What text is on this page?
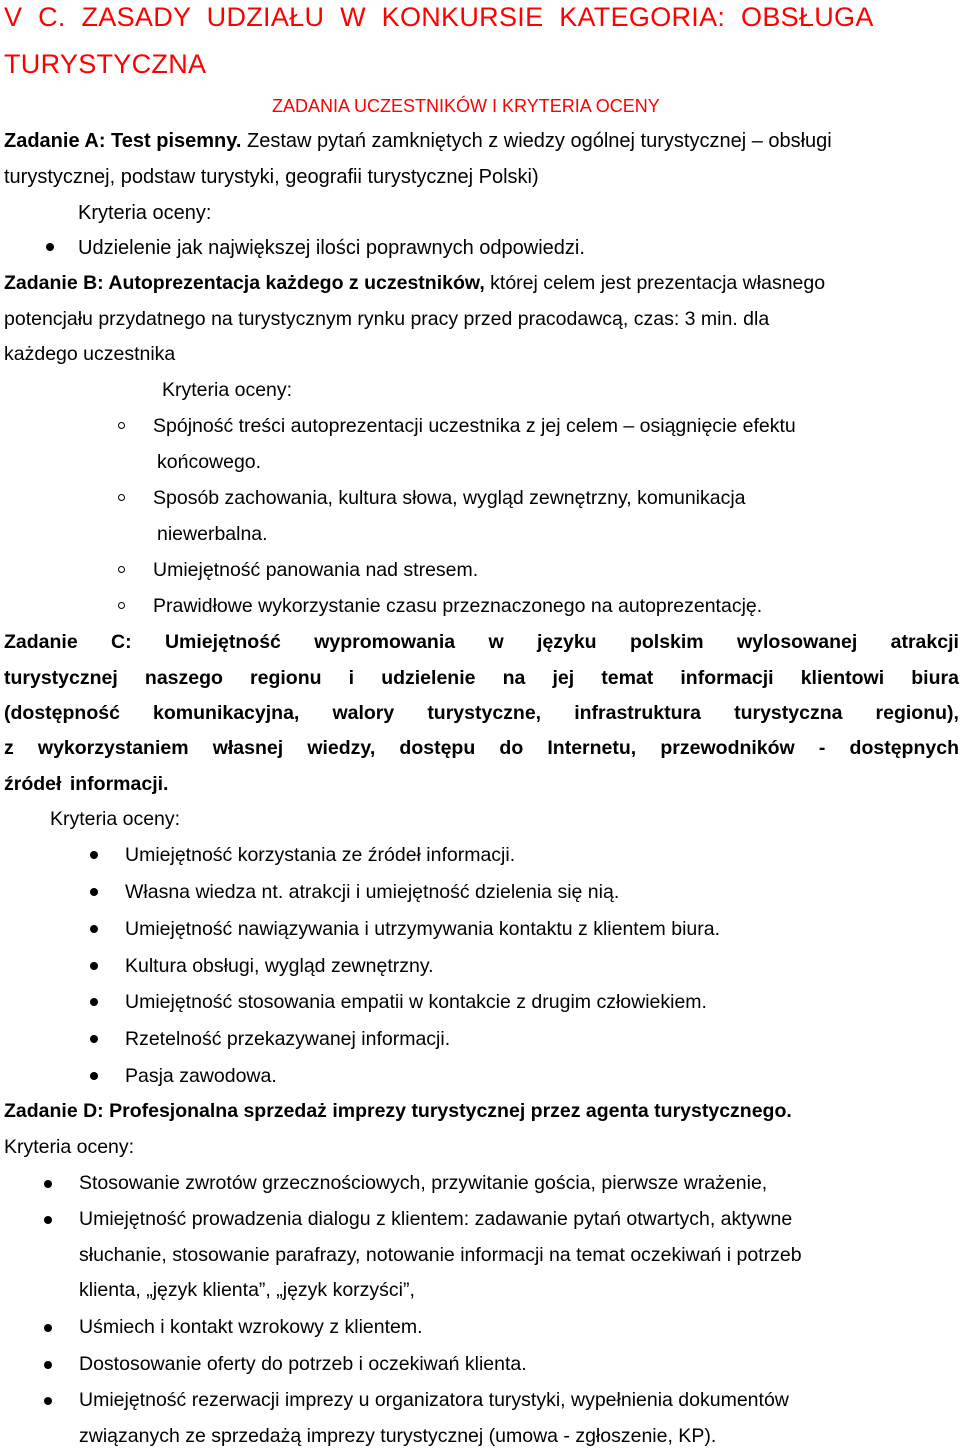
V C. ZASADY UDZIAŁU W KONKURSIE KATEGORIA: OBSŁUGA
TURYSTYCZNA
ZADANIA UCZESTNIKÓW I KRYTERIA OCENY
Zadanie A: Test pisemny. Zestaw pytań zamkniętych z wiedzy ogólnej turystycznej – obsługi
turystycznej, podstaw turystyki, geografii turystycznej Polski)
Kryteria oceny:
Udzielenie jak największej ilości poprawnych odpowiedzi.
Zadanie B: Autoprezentacja każdego z uczestników, której celem jest prezentacja własnego
potencjału przydatnego na turystycznym rynku pracy przed pracodawcą, czas: 3 min. dla
każdego uczestnika
Kryteria oceny:
Spójność treści autoprezentacji uczestnika z jej celem – osiągnięcie efektu
końcowego.
Sposób zachowania, kultura słowa, wygląd zewnętrzny, komunikacja
niewerbalna.
Umiejętność panowania nad stresem.
Prawidłowe wykorzystanie czasu przeznaczonego na autoprezentację.
Zadanie C: Umiejętność wypromowania w języku polskim wylosowanej atrakcji
turystycznej naszego regionu i udzielenie na jej temat informacji klientowi biura
(dostępność komunikacyjna, walory turystyczne, infrastruktura turystyczna regionu),
z wykorzystaniem własnej wiedzy, dostępu do Internetu, przewodników - dostępnych
źródeł informacji.
Kryteria oceny:
Umiejętność korzystania ze źródeł informacji.
Własna wiedza nt. atrakcji i umiejętność dzielenia się nią.
Umiejętność nawiązywania i utrzymywania kontaktu z klientem biura.
Kultura obsługi, wygląd zewnętrzny.
Umiejętność stosowania empatii w kontakcie z drugim człowiekiem.
Rzetelność przekazywanej informacji.
Pasja zawodowa.
Zadanie D: Profesjonalna sprzedaż imprezy turystycznej przez agenta turystycznego.
Kryteria oceny:
Stosowanie zwrotów grzecznościowych, przywitanie gościa, pierwsze wrażenie,
Umiejętność prowadzenia dialogu z klientem: zadawanie pytań otwartych, aktywne
słuchanie, stosowanie parafrazy, notowanie informacji na temat oczekiwań i potrzeb
klienta, „język klienta”, „język korzyści”,
Uśmiech i kontakt wzrokowy z klientem.
Dostosowanie oferty do potrzeb i oczekiwań klienta.
Umiejętność rezerwacji imprezy u organizatora turystyki, wypełnienia dokumentów
związanych ze sprzedażą imprezy turystycznej (umowa - zgłoszenie, KP).
